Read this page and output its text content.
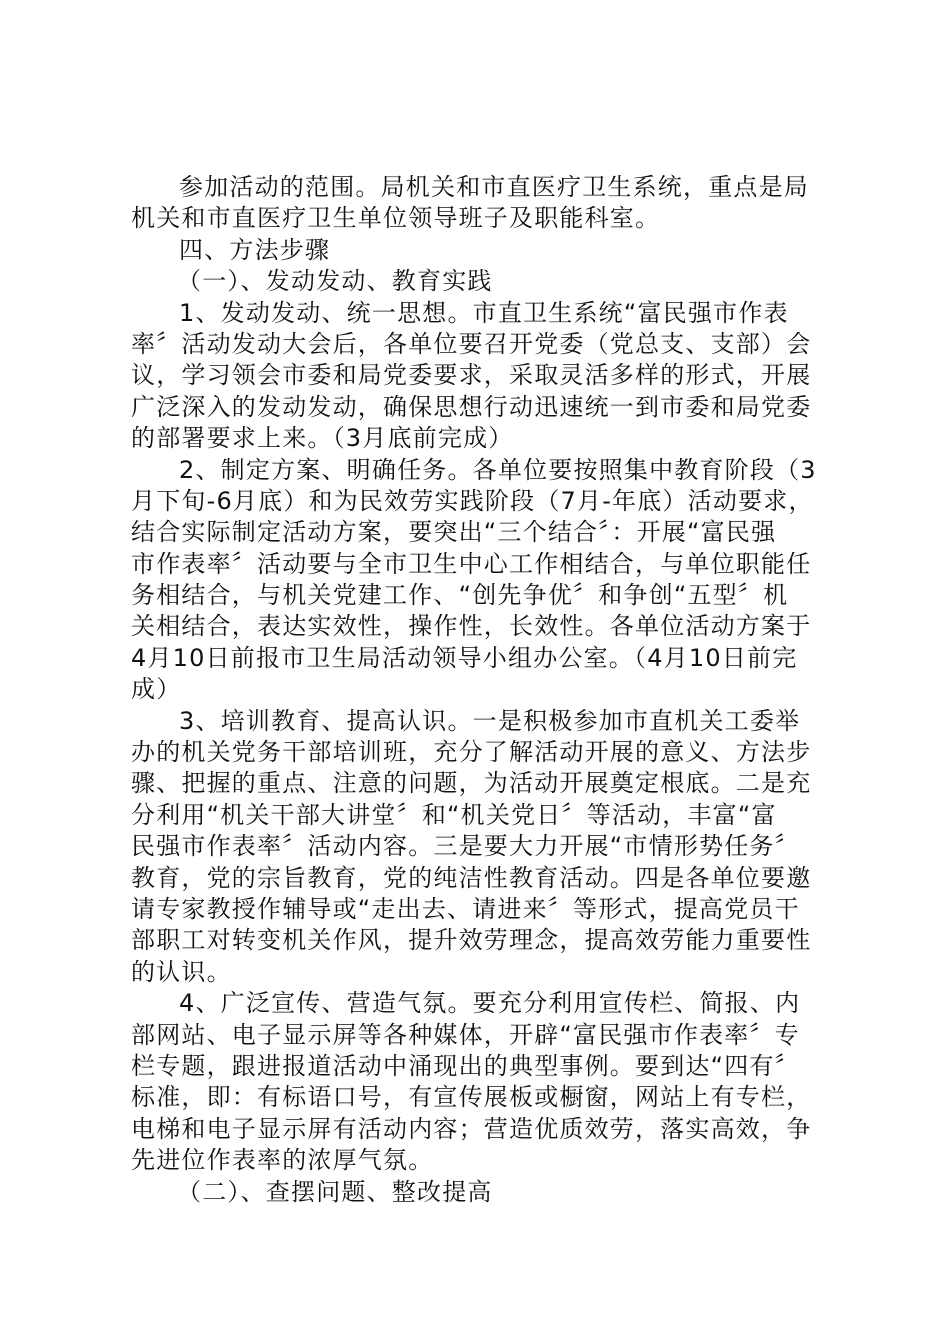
参加活动的范围。局机关和市直医疗卫生系统，重点是局
机关和市直医疗卫生单位领导班子及职能科室。
四、方法步骤
（一）、发动发动、教育实践
1、发动发动、统一思想。市直卫生系统“富民强市作表
率〞活动发动大会后，各单位要召开党委（党总支、支部）会
议，学习领会市委和局党委要求，采取灵活多样的形式，开展
广泛深入的发动发动，确保思想行动迅速统一到市委和局党委
的部署要求上来。（3月底前完成）
2、制定方案、明确任务。各单位要按照集中教育阶段（3
月下旬-6月底）和为民效劳实践阶段（7月-年底）活动要求，
结合实际制定活动方案，要突出“三个结合〞：开展“富民强
市作表率〞活动要与全市卫生中心工作相结合，与单位职能任
务相结合，与机关党建工作、“创先争优〞和争创“五型〞机
关相结合，表达实效性，操作性，长效性。各单位活动方案于
4月10日前报市卫生局活动领导小组办公室。（4月10日前完
成）
3、培训教育、提高认识。一是积极参加市直机关工委举
办的机关党务干部培训班，充分了解活动开展的意义、方法步
骤、把握的重点、注意的问题，为活动开展奠定根底。二是充
分利用“机关干部大讲堂〞和“机关党日〞等活动，丰富“富
民强市作表率〞活动内容。三是要大力开展“市情形势任务〞
教育，党的宗旨教育，党的纯洁性教育活动。四是各单位要邀
请专家教授作辅导或“走出去、请进来〞等形式，提高党员干
部职工对转变机关作风，提升效劳理念，提高效劳能力重要性
的认识。
4、广泛宣传、营造气氛。要充分利用宣传栏、简报、内
部网站、电子显示屏等各种媒体，开辟“富民强市作表率〞专
栏专题，跟进报道活动中涌现出的典型事例。要到达“四有〞
标准，即：有标语口号，有宣传展板或橱窗，网站上有专栏，
电梯和电子显示屏有活动内容；营造优质效劳，落实高效，争
先进位作表率的浓厚气氛。
（二）、查摆问题、整改提高
